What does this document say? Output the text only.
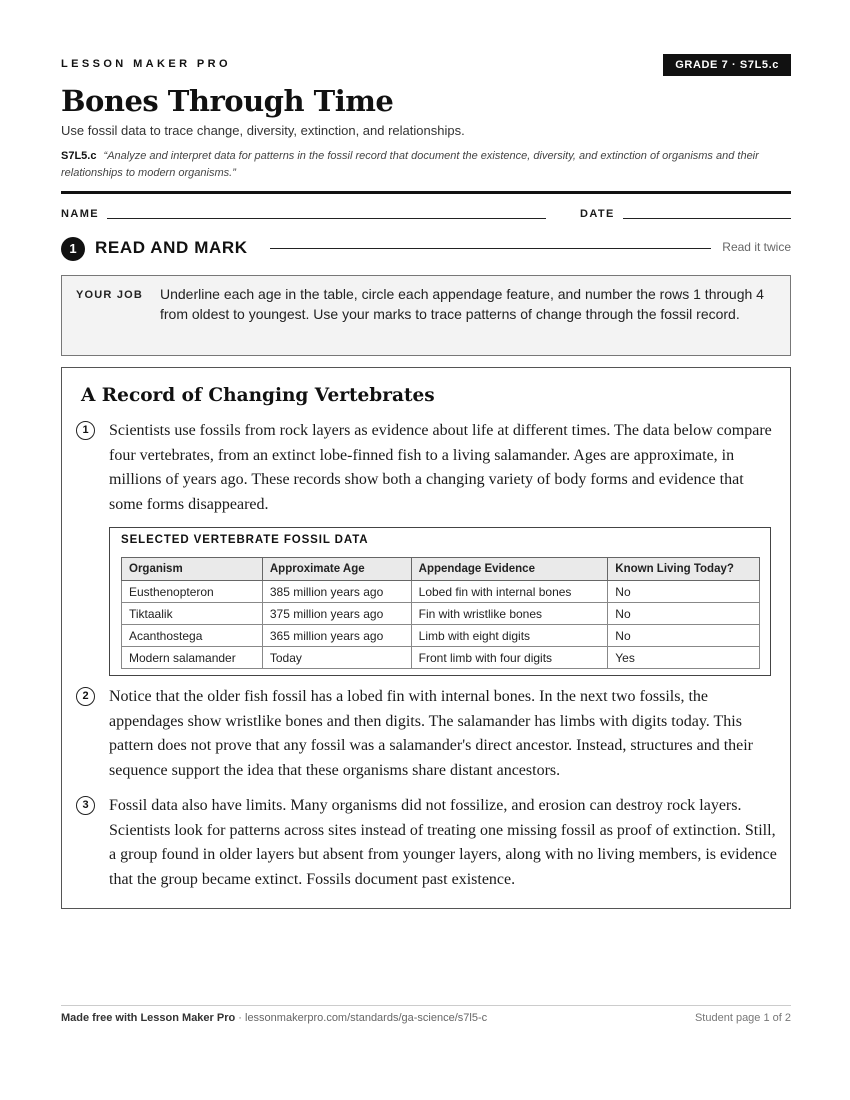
LESSON MAKER PRO	GRADE 7 · S7L5.c
Bones Through Time
Use fossil data to trace change, diversity, extinction, and relationships.
S7L5.c “Analyze and interpret data for patterns in the fossil record that document the existence, diversity, and extinction of organisms and their relationships to modern organisms.”
NAME	DATE
1	READ AND MARK	Read it twice
YOUR JOB Underline each age in the table, circle each appendage feature, and number the rows 1 through 4 from oldest to youngest. Use your marks to trace patterns of change through the fossil record.
A Record of Changing Vertebrates
1	Scientists use fossils from rock layers as evidence about life at different times. The data below compare four vertebrates, from an extinct lobe-finned fish to a living salamander. Ages are approximate, in millions of years ago. These records show both a changing variety of body forms and evidence that some forms disappeared.
SELECTED VERTEBRATE FOSSIL DATA
Organism	Approximate Age	Appendage Evidence	Known Living Today?
Eusthenopteron	385 million years ago	Lobed fin with internal bones	No
Tiktaalik	375 million years ago	Fin with wristlike bones	No
Acanthostega	365 million years ago	Limb with eight digits	No
Modern salamander	Today	Front limb with four digits	Yes
2	Notice that the older fish fossil has a lobed fin with internal bones. In the next two fossils, the appendages show wristlike bones and then digits. The salamander has limbs with digits today. This pattern does not prove that any fossil was a salamander's direct ancestor. Instead, structures and their sequence support the idea that these organisms share distant ancestors.
3	Fossil data also have limits. Many organisms did not fossilize, and erosion can destroy rock layers. Scientists look for patterns across sites instead of treating one missing fossil as proof of extinction. Still, a group found in older layers but absent from younger layers, along with no living members, is evidence that the group became extinct. Fossils document past existence.
Made free with Lesson Maker Pro · lessonmakerpro.com/standards/ga-science/s7l5-c	Student page 1 of 2
